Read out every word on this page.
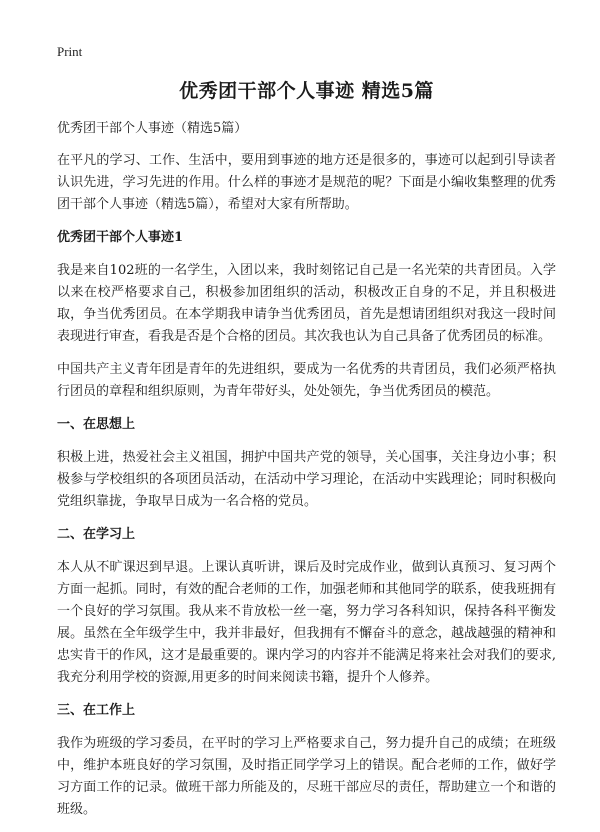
Print
优秀团干部个人事迹 精选5篇
优秀团干部个人事迹（精选5篇）

在平凡的学习、工作、生活中，要用到事迹的地方还是很多的，事迹可以起到引导读者认识先进，学习先进的作用。什么样的事迹才是规范的呢？下面是小编收集整理的优秀团干部个人事迹（精选5篇），希望对大家有所帮助。

优秀团干部个人事迹1

我是来自102班的一名学生，入团以来，我时刻铭记自己是一名光荣的共青团员。入学以来在校严格要求自己，积极参加团组织的活动，积极改正自身的不足，并且积极进取，争当优秀团员。在本学期我申请争当优秀团员，首先是想请团组织对我这一段时间表现进行审查，看我是否是个合格的团员。其次我也认为自己具备了优秀团员的标准。

中国共产主义青年团是青年的先进组织，要成为一名优秀的共青团员，我们必须严格执行团员的章程和组织原则，为青年带好头，处处领先，争当优秀团员的模范。

一、在思想上

积极上进，热爱社会主义祖国，拥护中国共产党的领导，关心国事，关注身边小事；积极参与学校组织的各项团员活动，在活动中学习理论，在活动中实践理论；同时积极向党组织靠拢，争取早日成为一名合格的党员。

二、在学习上

本人从不旷课迟到早退。上课认真听讲，课后及时完成作业，做到认真预习、复习两个方面一起抓。同时，有效的配合老师的工作，加强老师和其他同学的联系，使我班拥有一个良好的学习氛围。我从来不肯放松一丝一毫，努力学习各科知识，保持各科平衡发展。虽然在全年级学生中，我并非最好，但我拥有不懈奋斗的意念，越战越强的精神和忠实肯干的作风，这才是最重要的。课内学习的内容并不能满足将来社会对我们的要求,我充分利用学校的资源,用更多的时间来阅读书籍，提升个人修养。

三、在工作上

我作为班级的学习委员，在平时的学习上严格要求自己，努力提升自己的成绩；在班级中，维护本班良好的学习氛围，及时指正同学学习上的错误。配合老师的工作，做好学习方面工作的记录。做班干部力所能及的，尽班干部应尽的责任，帮助建立一个和谐的班级。
